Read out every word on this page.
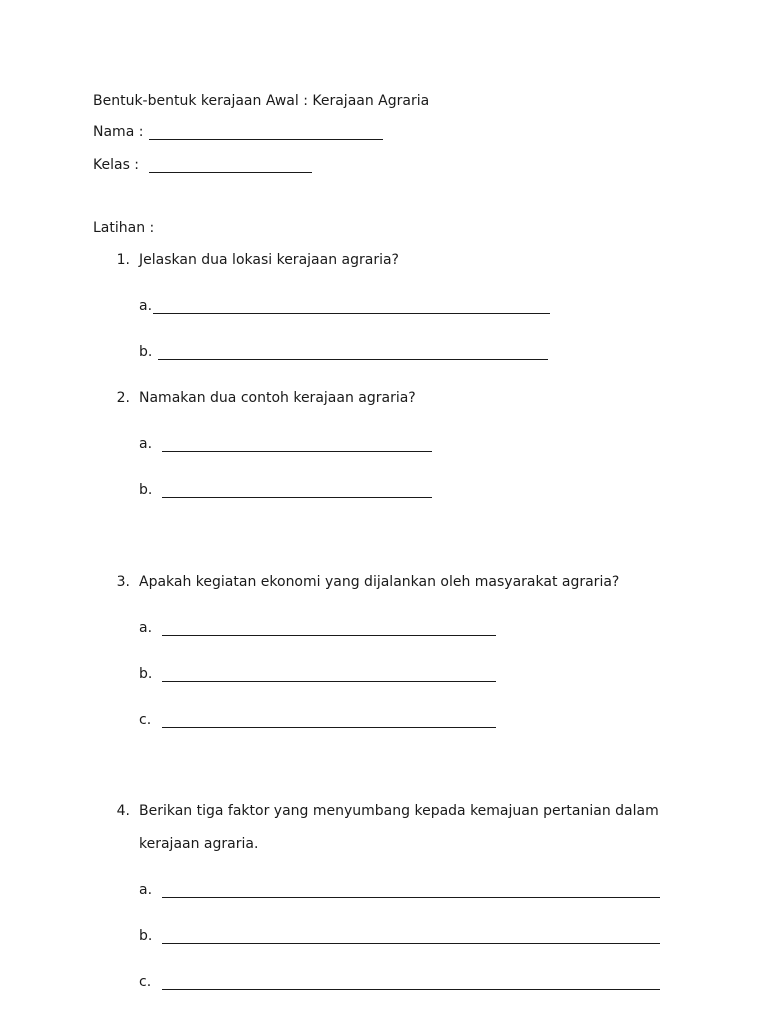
Bentuk-bentuk kerajaan Awal : Kerajaan Agraria
Nama :
Kelas :
Latihan :
1. Jelaskan dua lokasi kerajaan agraria?
a.
b.
2. Namakan dua contoh kerajaan agraria?
a.
b.
3. Apakah kegiatan ekonomi yang dijalankan oleh masyarakat agraria?
a.
b.
c.
4. Berikan tiga faktor yang menyumbang kepada kemajuan pertanian dalam
kerajaan agraria.
a.
b.
c.
